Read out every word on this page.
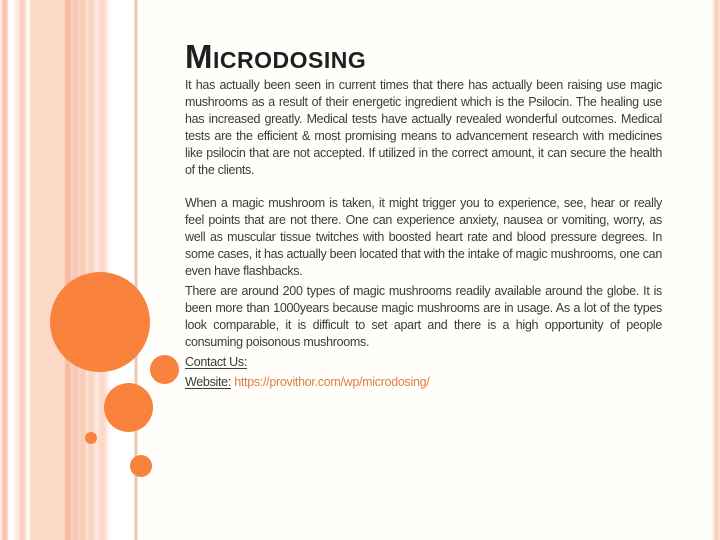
MICRODOSING

It has actually been seen in current times that there has actually been raising use magic mushrooms as a result of their energetic ingredient which is the Psilocin. The healing use has increased greatly. Medical tests have actually revealed wonderful outcomes. Medical tests are the efficient & most promising means to advancement research with medicines like psilocin that are not accepted. If utilized in the correct amount, it can secure the health of the clients.

When a magic mushroom is taken, it might trigger you to experience, see, hear or really feel points that are not there. One can experience anxiety, nausea or vomiting, worry, as well as muscular tissue twitches with boosted heart rate and blood pressure degrees. In some cases, it has actually been located that with the intake of magic mushrooms, one can even have flashbacks.

There are around 200 types of magic mushrooms readily available around the globe. It is been more than 1000years because magic mushrooms are in usage. As a lot of the types look comparable, it is difficult to set apart and there is a high opportunity of people consuming poisonous mushrooms.

Contact Us:

Website: https://provithor.com/wp/microdosing/
